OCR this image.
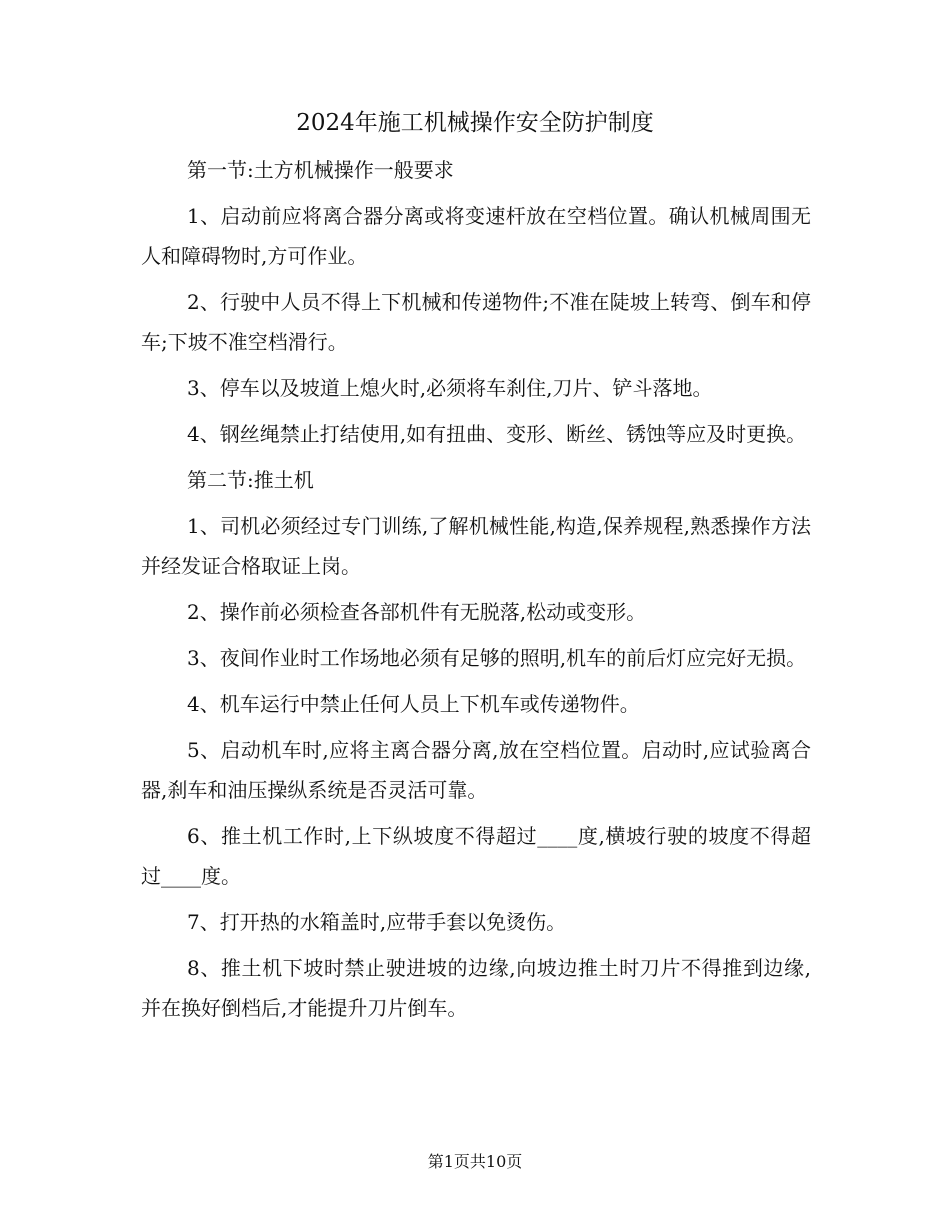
2024年施工机械操作安全防护制度

第一节:土方机械操作一般要求

1、启动前应将离合器分离或将变速杆放在空档位置。确认机械周围无人和障碍物时,方可作业。

2、行驶中人员不得上下机械和传递物件;不准在陡坡上转弯、倒车和停车;下坡不准空档滑行。

3、停车以及坡道上熄火时,必须将车刹住,刀片、铲斗落地。

4、钢丝绳禁止打结使用,如有扭曲、变形、断丝、锈蚀等应及时更换。

第二节:推土机

1、司机必须经过专门训练,了解机械性能,构造,保养规程,熟悉操作方法并经发证合格取证上岗。

2、操作前必须检查各部机件有无脱落,松动或变形。

3、夜间作业时工作场地必须有足够的照明,机车的前后灯应完好无损。

4、机车运行中禁止任何人员上下机车或传递物件。

5、启动机车时,应将主离合器分离,放在空档位置。启动时,应试验离合器,刹车和油压操纵系统是否灵活可靠。

6、推土机工作时,上下纵坡度不得超过____度,横坡行驶的坡度不得超过____度。

7、打开热的水箱盖时,应带手套以免烫伤。

8、推土机下坡时禁止驶进坡的边缘,向坡边推土时刀片不得推到边缘,并在换好倒档后,才能提升刀片倒车。

第1页共10页
